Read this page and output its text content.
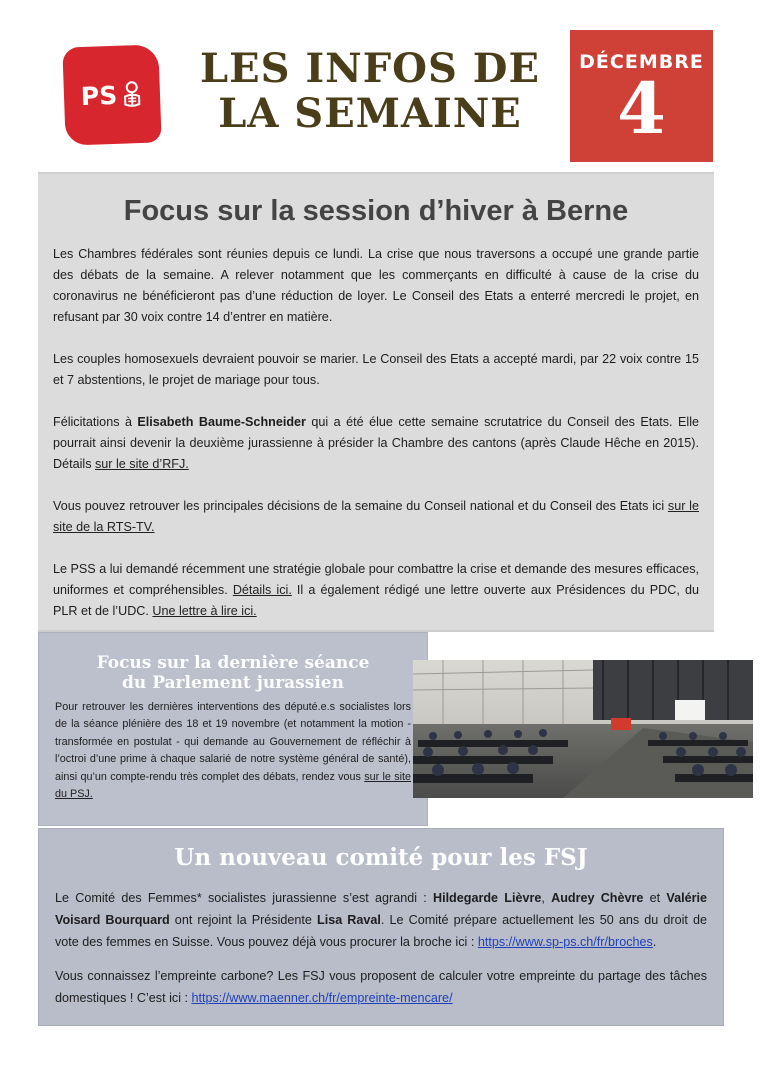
PS
LES INFOS DE
LA SEMAINE
DÉCEMBRE
4
Focus sur la session d’hiver à Berne

Les Chambres fédérales sont réunies depuis ce lundi. La crise que nous traversons a occupé une grande partie des débats de la semaine. A relever notamment que les commerçants en difficulté à cause de la crise du coronavirus ne bénéficieront pas d’une réduction de loyer. Le Conseil des Etats a enterré mercredi le projet, en refusant par 30 voix contre 14 d’entrer en matière.

Les couples homosexuels devraient pouvoir se marier. Le Conseil des Etats a accepté mardi, par 22 voix contre 15 et 7 abstentions, le projet de mariage pour tous.

Félicitations à Elisabeth Baume-Schneider qui a été élue cette semaine scrutatrice du Conseil des Etats. Elle pourrait ainsi devenir la deuxième jurassienne à présider la Chambre des cantons (après Claude Hêche en 2015). Détails sur le site d’RFJ.

Vous pouvez retrouver les principales décisions de la semaine du Conseil national et du Conseil des Etats ici sur le site de la RTS-TV.

Le PSS a lui demandé récemment une stratégie globale pour combattre la crise et demande des mesures efficaces, uniformes et compréhensibles. Détails ici. Il a également rédigé une lettre ouverte aux Présidences du PDC, du PLR et de l’UDC. Une lettre à lire ici.

Focus sur la dernière séance
du Parlement jurassien

Pour retrouver les dernières interventions des député.e.s socialistes lors de la séance plénière des 18 et 19 novembre (et notamment la motion - transformée en postulat - qui demande au Gouvernement de réfléchir à l’octroi d’une prime à chaque salarié de notre système général de santé), ainsi qu’un compte-rendu très complet des débats, rendez vous sur le site du PSJ.

Un nouveau comité pour les FSJ

Le Comité des Femmes* socialistes jurassienne s’est agrandi : Hildegarde Lièvre, Audrey Chèvre et Valérie Voisard Bourquard ont rejoint la Présidente Lisa Raval. Le Comité prépare actuellement les 50 ans du droit de vote des femmes en Suisse. Vous pouvez déjà vous procurer la broche ici : https://www.sp-ps.ch/fr/broches.

Vous connaissez l’empreinte carbone? Les FSJ vous proposent de calculer votre empreinte du partage des tâches domestiques ! C’est ici : https://www.maenner.ch/fr/empreinte-mencare/
